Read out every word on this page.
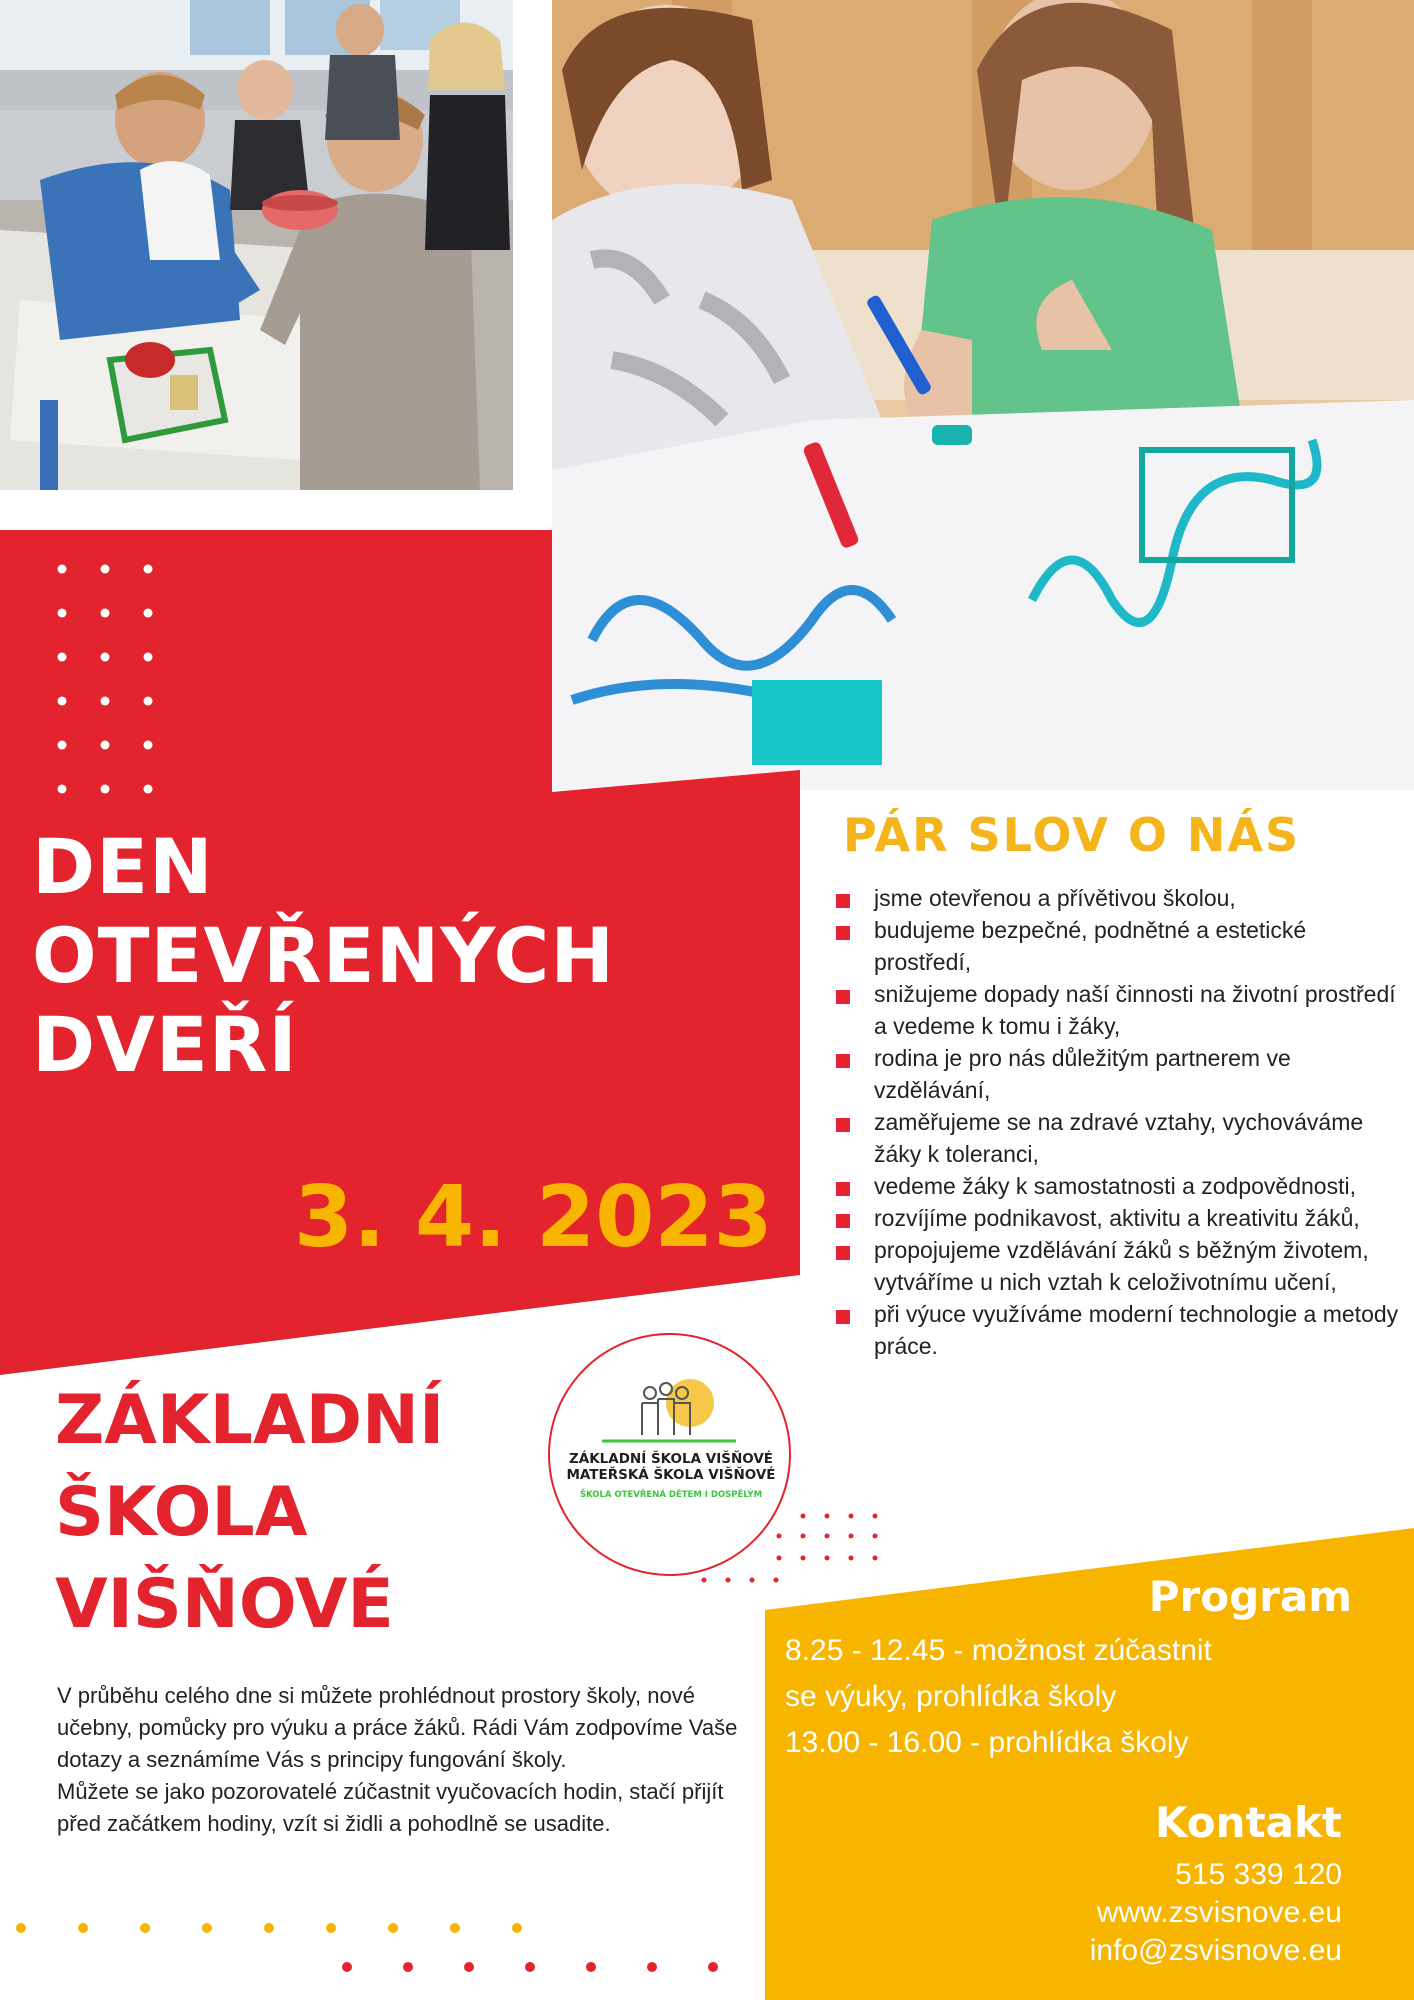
DEN
OTEVŘENÝCH
DVEŘÍ
3. 4. 2023
PÁR SLOV O NÁS
jsme otevřenou a přívětivou školou,
budujeme bezpečné, podnětné a estetické prostředí,
snižujeme dopady naší činnosti na životní prostředí a vedeme k tomu i žáky,
rodina je pro nás důležitým partnerem ve vzdělávání,
zaměřujeme se na zdravé vztahy, vychováváme žáky k toleranci,
vedeme žáky k samostatnosti a zodpovědnosti,
rozvíjíme podnikavost, aktivitu a kreativitu žáků,
propojujeme vzdělávání žáků s běžným životem, vytváříme u nich vztah k celoživotnímu učení,
při výuce využíváme moderní technologie a metody práce.
ZÁKLADNÍ
ŠKOLA
VIŠŇOVÉ
ZÁKLADNÍ ŠKOLA VIŠŇOVÉ
MATEŘSKÁ ŠKOLA VIŠŇOVÉ
ŠKOLA OTEVŘENÁ DĚTEM I DOSPĚLÝM

V průběhu celého dne si můžete prohlédnout prostory školy, nové učebny, pomůcky pro výuku a práce žáků. Rádi Vám zodpovíme Vaše dotazy a seznámíme Vás s principy fungování školy.

Můžete se jako pozorovatelé zúčastnit vyučovacích hodin, stačí přijít před začátkem hodiny, vzít si židli a pohodlně se usadite.

Program
8.25 - 12.45 - možnost zúčastnit
se výuky, prohlídka školy
13.00 - 16.00 - prohlídka školy
Kontakt
515 339 120
www.zsvisnove.eu
info@zsvisnove.eu
